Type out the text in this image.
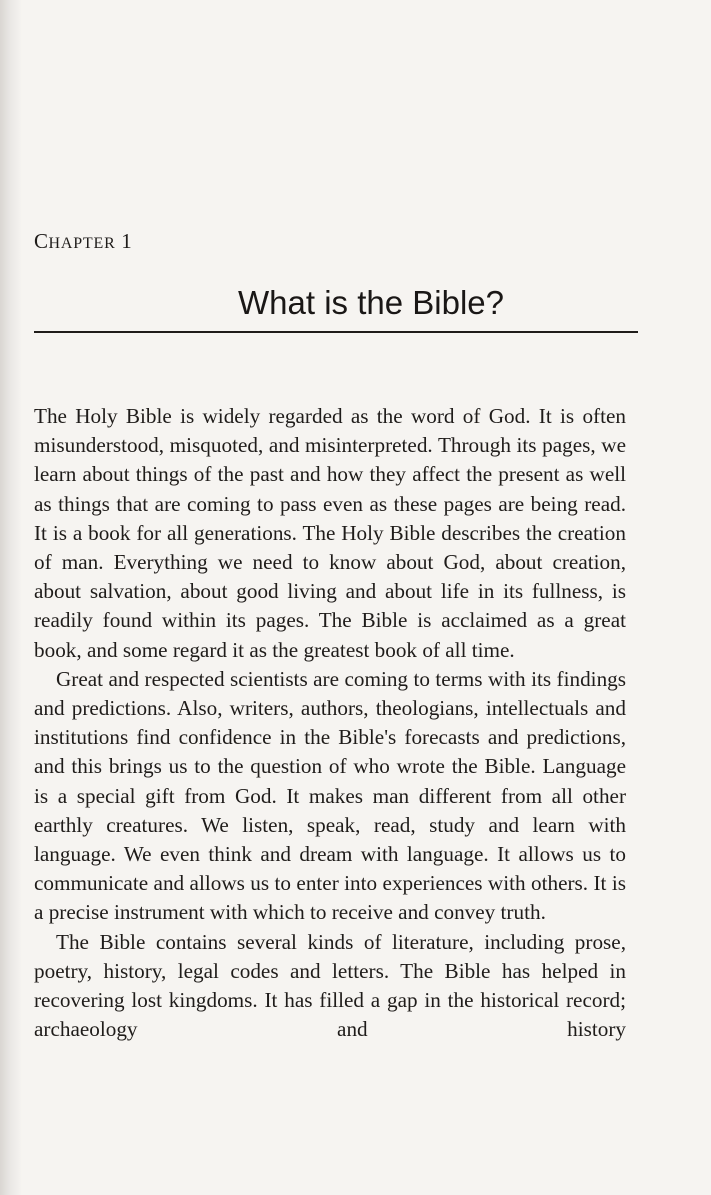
CHAPTER 1
What is the Bible?

The Holy Bible is widely regarded as the word of God. It is often misunderstood, misquoted, and misinterpreted. Through its pages, we learn about things of the past and how they affect the present as well as things that are coming to pass even as these pages are being read. It is a book for all generations. The Holy Bible describes the creation of man. Everything we need to know about God, about creation, about salvation, about good living and about life in its fullness, is readily found within its pages. The Bible is acclaimed as a great book, and some regard it as the greatest book of all time.

Great and respected scientists are coming to terms with its findings and predictions. Also, writers, authors, theologians, intellectuals and institutions find confidence in the Bible's forecasts and predictions, and this brings us to the question of who wrote the Bible. Language is a special gift from God. It makes man different from all other earthly creatures. We listen, speak, read, study and learn with language. We even think and dream with language. It allows us to communicate and allows us to enter into experiences with others. It is a precise instrument with which to receive and convey truth.

The Bible contains several kinds of literature, including prose, poetry, history, legal codes and letters. The Bible has helped in recovering lost kingdoms. It has filled a gap in the historical record; archaeology and history
